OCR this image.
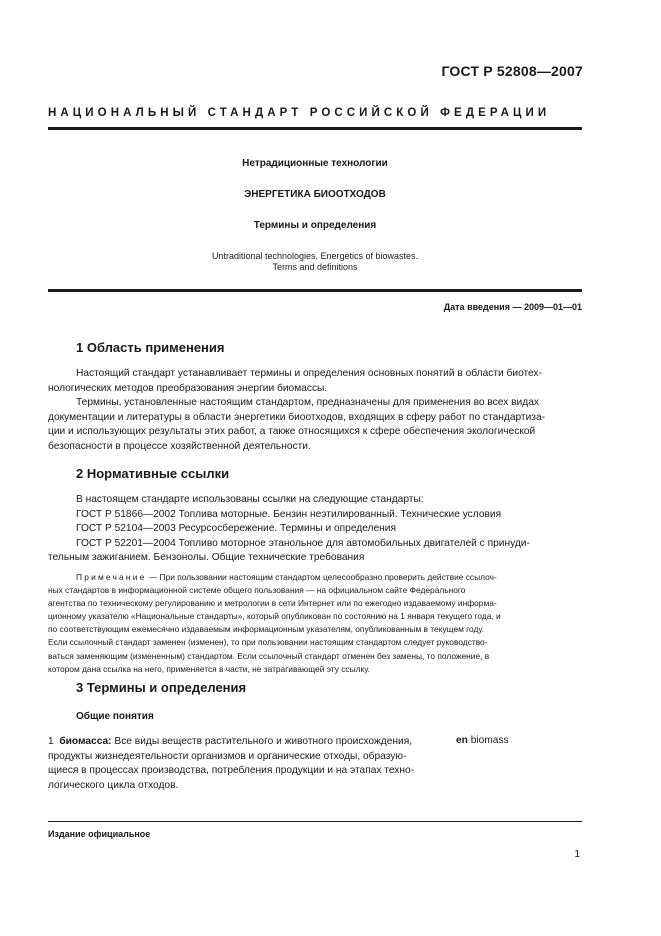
ГОСТ Р 52808—2007
НАЦИОНАЛЬНЫЙ СТАНДАРТ РОССИЙСКОЙ ФЕДЕРАЦИИ
Нетрадиционные технологии
ЭНЕРГЕТИКА БИООТХОДОВ
Термины и определения
Untraditional technologies. Energetics of biowastes.
Terms and definitions
Дата введения — 2009—01—01
1 Область применения
Настоящий стандарт устанавливает термины и определения основных понятий в области биотех-
нологических методов преобразования энергии биомассы.
Термины, установленные настоящим стандартом, предназначены для применения во всех видах
документации и литературы в области энергетики биоотходов, входящих в сферу работ по стандартиза-
ции и использующих результаты этих работ, а также относящихся к сфере обеспечения экологической
безопасности в процессе хозяйственной деятельности.
2 Нормативные ссылки
В настоящем стандарте использованы ссылки на следующие стандарты:
ГОСТ Р 51866—2002 Топлива моторные. Бензин неэтилированный. Технические условия
ГОСТ Р 52104—2003 Ресурсосбережение. Термины и определения
ГОСТ Р 52201—2004 Топливо моторное этанольное для автомобильных двигателей с принуди-
тельным зажиганием. Бензонолы. Общие технические требования
Примечание — При пользовании настоящим стандартом целесообразно проверить действие ссылоч-
ных стандартов в информационной системе общего пользования — на официальном сайте Федерального
агентства по техническому регулированию и метрологии в сети Интернет или по ежегодно издаваемому информа-
ционному указателю «Национальные стандарты», который опубликован по состоянию на 1 января текущего года, и
по соответствующим ежемесячно издаваемым информационным указателям, опубликованным в текущем году.
Если ссылочный стандарт заменен (изменен), то при пользовании настоящим стандартом следует руководство-
ваться заменяющим (измененным) стандартом. Если ссылочный стандарт отменен без замены, то положение, в
котором дана ссылка на него, применяется в части, не затрагивающей эту ссылку.
3 Термины и определения
Общие понятия
1 биомасса: Все виды веществ растительного и животного происхождения,
продукты жизнедеятельности организмов и органические отходы, образую-
щиеся в процессах производства, потребления продукции и на этапах техно-
логического цикла отходов.
en biomass
Издание официальное
1
